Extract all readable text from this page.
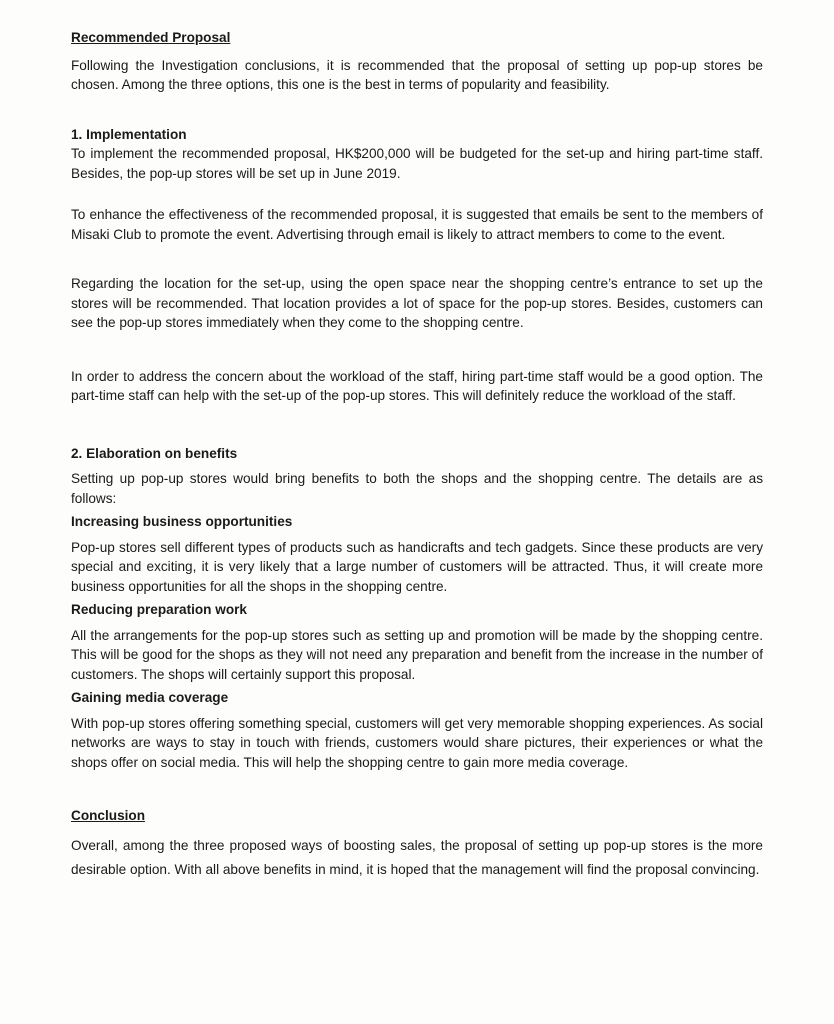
Recommended Proposal

Following the Investigation conclusions, it is recommended that the proposal of setting up pop-up stores be chosen. Among the three options, this one is the best in terms of popularity and feasibility.

1. Implementation

To implement the recommended proposal, HK$200,000 will be budgeted for the set-up and hiring part-time staff. Besides, the pop-up stores will be set up in June 2019.

To enhance the effectiveness of the recommended proposal, it is suggested that emails be sent to the members of Misaki Club to promote the event. Advertising through email is likely to attract members to come to the event.

Regarding the location for the set-up, using the open space near the shopping centre’s entrance to set up the stores will be recommended. That location provides a lot of space for the pop-up stores. Besides, customers can see the pop-up stores immediately when they come to the shopping centre.

In order to address the concern about the workload of the staff, hiring part-time staff would be a good option. The part-time staff can help with the set-up of the pop-up stores. This will definitely reduce the workload of the staff.

2. Elaboration on benefits

Setting up pop-up stores would bring benefits to both the shops and the shopping centre. The details are as follows:

Increasing business opportunities

Pop-up stores sell different types of products such as handicrafts and tech gadgets. Since these products are very special and exciting, it is very likely that a large number of customers will be attracted. Thus, it will create more business opportunities for all the shops in the shopping centre.

Reducing preparation work

All the arrangements for the pop-up stores such as setting up and promotion will be made by the shopping centre. This will be good for the shops as they will not need any preparation and benefit from the increase in the number of customers. The shops will certainly support this proposal.

Gaining media coverage

With pop-up stores offering something special, customers will get very memorable shopping experiences. As social networks are ways to stay in touch with friends, customers would share pictures, their experiences or what the shops offer on social media. This will help the shopping centre to gain more media coverage.

Conclusion

Overall, among the three proposed ways of boosting sales, the proposal of setting up pop-up stores is the more desirable option. With all above benefits in mind, it is hoped that the management will find the proposal convincing.
